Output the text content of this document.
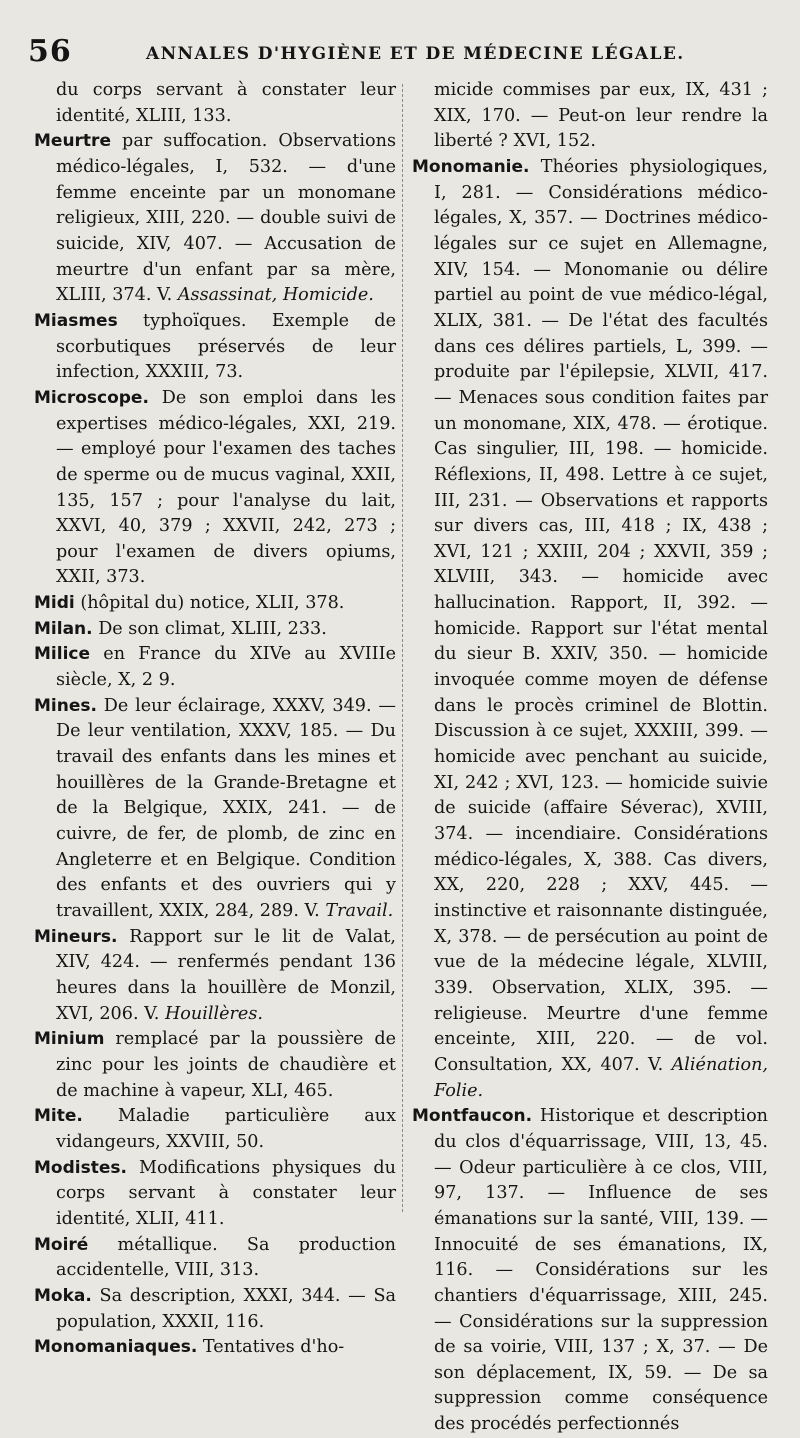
56	ANNALES D'HYGIÈNE ET DE MÉDECINE LÉGALE.

du corps servant à constater leur identité, XLIII, 133.

Meurtre par suffocation. Observations médico-légales, I, 532. — d'une femme enceinte par un monomane religieux, XIII, 220. — double suivi de suicide, XIV, 407. — Accusation de meurtre d'un enfant par sa mère, XLIII, 374. V. Assassinat, Homicide.

Miasmes typhoïques. Exemple de scorbutiques préservés de leur infection, XXXIII, 73.

Microscope. De son emploi dans les expertises médico-légales, XXI, 219. — employé pour l'examen des taches de sperme ou de mucus vaginal, XXII, 135, 157 ; pour l'analyse du lait, XXVI, 40, 379 ; XXVII, 242, 273 ; pour l'examen de divers opiums, XXII, 373.

Midi (hôpital du) notice, XLII, 378.

Milan. De son climat, XLIII, 233.

Milice en France du XIVe au XVIIIe siècle, X, 2 9.

Mines. De leur éclairage, XXXV, 349. — De leur ventilation, XXXV, 185. — Du travail des enfants dans les mines et houillères de la Grande-Bretagne et de la Belgique, XXIX, 241. — de cuivre, de fer, de plomb, de zinc en Angleterre et en Belgique. Condition des enfants et des ouvriers qui y travaillent, XXIX, 284, 289. V. Travail.

Mineurs. Rapport sur le lit de Valat, XIV, 424. — renfermés pendant 136 heures dans la houillère de Monzil, XVI, 206. V. Houillères.

Minium remplacé par la poussière de zinc pour les joints de chaudière et de machine à vapeur, XLI, 465.

Mite. Maladie particulière aux vidangeurs, XXVIII, 50.

Modistes. Modifications physiques du corps servant à constater leur identité, XLII, 411.

Moiré métallique. Sa production accidentelle, VIII, 313.

Moka. Sa description, XXXI, 344. — Sa population, XXXII, 116.

Monomaniaques. Tentatives d'ho-

micide commises par eux, IX, 431 ; XIX, 170. — Peut-on leur rendre la liberté ? XVI, 152.

Monomanie. Théories physiologiques, I, 281. — Considérations médico-légales, X, 357. — Doctrines médico-légales sur ce sujet en Allemagne, XIV, 154. — Monomanie ou délire partiel au point de vue médico-légal, XLIX, 381. — De l'état des facultés dans ces délires partiels, L, 399. — produite par l'épilepsie, XLVII, 417. — Menaces sous condition faites par un monomane, XIX, 478. — érotique. Cas singulier, III, 198. — homicide. Réflexions, II, 498. Lettre à ce sujet, III, 231. — Observations et rapports sur divers cas, III, 418 ; IX, 438 ; XVI, 121 ; XXIII, 204 ; XXVII, 359 ; XLVIII, 343. — homicide avec hallucination. Rapport, II, 392. — homicide. Rapport sur l'état mental du sieur B. XXIV, 350. — homicide invoquée comme moyen de défense dans le procès criminel de Blottin. Discussion à ce sujet, XXXIII, 399. — homicide avec penchant au suicide, XI, 242 ; XVI, 123. — homicide suivie de suicide (affaire Séverac), XVIII, 374. — incendiaire. Considérations médico-légales, X, 388. Cas divers, XX, 220, 228 ; XXV, 445. — instinctive et raisonnante distinguée, X, 378. — de persécution au point de vue de la médecine légale, XLVIII, 339. Observation, XLIX, 395. — religieuse. Meurtre d'une femme enceinte, XIII, 220. — de vol. Consultation, XX, 407. V. Aliénation, Folie.

Montfaucon. Historique et description du clos d'équarrissage, VIII, 13, 45. — Odeur particulière à ce clos, VIII, 97, 137. — Influence de ses émanations sur la santé, VIII, 139. — Innocuité de ses émanations, IX, 116. — Considérations sur les chantiers d'équarrissage, XIII, 245. — Considérations sur la suppression de sa voirie, VIII, 137 ; X, 37. — De son déplacement, IX, 59. — De sa suppression comme conséquence des procédés perfectionnés
